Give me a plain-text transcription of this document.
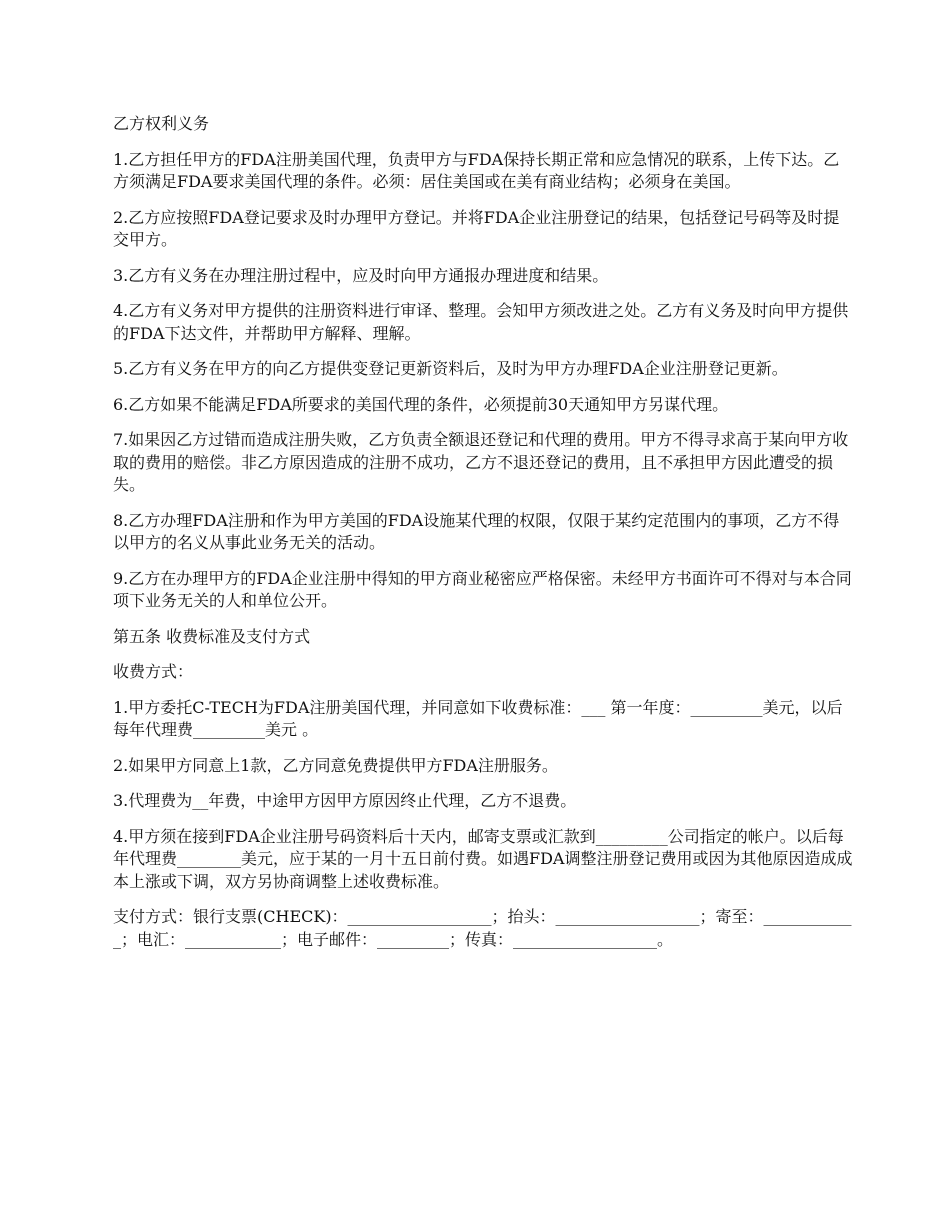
乙方权利义务

1.乙方担任甲方的FDA注册美国代理，负责甲方与FDA保持长期正常和应急情况的联系，上传下达。乙方须满足FDA要求美国代理的条件。必须：居住美国或在美有商业结构；必须身在美国。

2.乙方应按照FDA登记要求及时办理甲方登记。并将FDA企业注册登记的结果，包括登记号码等及时提交甲方。

3.乙方有义务在办理注册过程中，应及时向甲方通报办理进度和结果。

4.乙方有义务对甲方提供的注册资料进行审译、整理。会知甲方须改进之处。乙方有义务及时向甲方提供的FDA下达文件，并帮助甲方解释、理解。

5.乙方有义务在甲方的向乙方提供变登记更新资料后，及时为甲方办理FDA企业注册登记更新。

6.乙方如果不能满足FDA所要求的美国代理的条件，必须提前30天通知甲方另谋代理。

7.如果因乙方过错而造成注册失败，乙方负责全额退还登记和代理的费用。甲方不得寻求高于某向甲方收取的费用的赔偿。非乙方原因造成的注册不成功，乙方不退还登记的费用，且不承担甲方因此遭受的损失。

8.乙方办理FDA注册和作为甲方美国的FDA设施某代理的权限，仅限于某约定范围内的事项，乙方不得以甲方的名义从事此业务无关的活动。

9.乙方在办理甲方的FDA企业注册中得知的甲方商业秘密应严格保密。未经甲方书面许可不得对与本合同项下业务无关的人和单位公开。

第五条 收费标准及支付方式

收费方式：

1.甲方委托C-TECH为FDA注册美国代理，并同意如下收费标准：___ 第一年度：_________美元，以后每年代理费_________美元 。

2.如果甲方同意上1款，乙方同意免费提供甲方FDA注册服务。

3.代理费为__年费，中途甲方因甲方原因终止代理，乙方不退费。

4.甲方须在接到FDA企业注册号码资料后十天内，邮寄支票或汇款到_________公司指定的帐户。以后每年代理费________美元，应于某的一月十五日前付费。如遇FDA调整注册登记费用或因为其他原因造成成本上涨或下调，双方另协商调整上述收费标准。

支付方式：银行支票(CHECK)：__________________；抬头：__________________；寄至：____________；电汇：____________；电子邮件：_________；传真：__________________。
